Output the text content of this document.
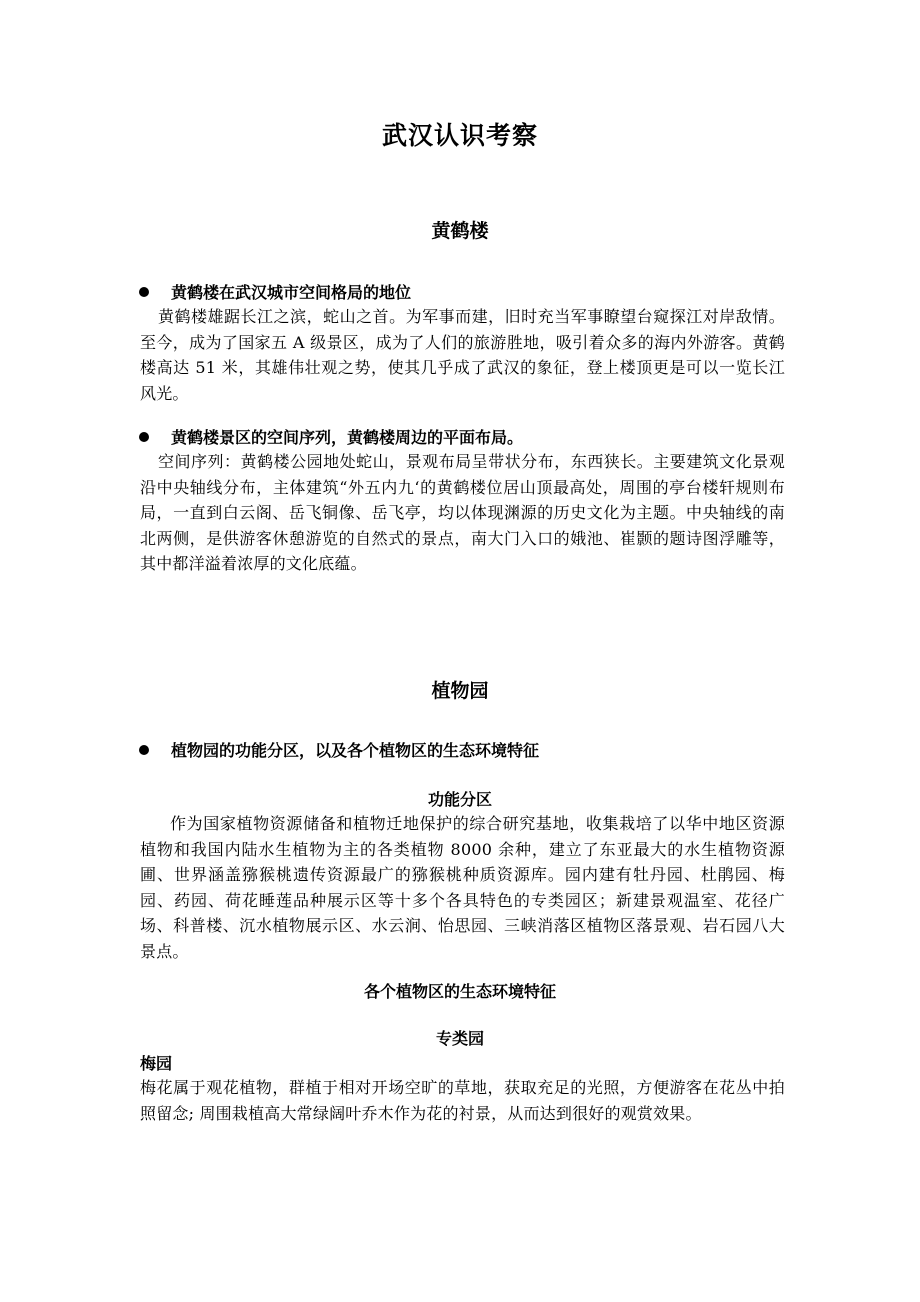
武汉认识考察
黄鹤楼
黄鹤楼在武汉城市空间格局的地位
黄鹤楼雄踞长江之滨，蛇山之首。为军事而建，旧时充当军事瞭望台窥探江对岸敌情。至今，成为了国家五 A 级景区，成为了人们的旅游胜地，吸引着众多的海内外游客。黄鹤楼高达 51 米，其雄伟壮观之势，使其几乎成了武汉的象征，登上楼顶更是可以一览长江风光。
黄鹤楼景区的空间序列，黄鹤楼周边的平面布局。
空间序列：黄鹤楼公园地处蛇山，景观布局呈带状分布，东西狭长。主要建筑文化景观沿中央轴线分布，主体建筑“外五内九‘的黄鹤楼位居山顶最高处，周围的亭台楼轩规则布局，一直到白云阁、岳飞铜像、岳飞亭，均以体现渊源的历史文化为主题。中央轴线的南北两侧，是供游客休憩游览的自然式的景点，南大门入口的娥池、崔颢的题诗图浮雕等，其中都洋溢着浓厚的文化底蕴。
植物园
植物园的功能分区，以及各个植物区的生态环境特征
功能分区
作为国家植物资源储备和植物迁地保护的综合研究基地，收集栽培了以华中地区资源植物和我国内陆水生植物为主的各类植物 8000 余种，建立了东亚最大的水生植物资源圃、世界涵盖猕猴桃遗传资源最广的猕猴桃种质资源库。园内建有牡丹园、杜鹃园、梅园、药园、荷花睡莲品种展示区等十多个各具特色的专类园区；新建景观温室、花径广场、科普楼、沉水植物展示区、水云涧、怡思园、三峡消落区植物区落景观、岩石园八大景点。
各个植物区的生态环境特征
专类园
梅园
梅花属于观花植物，群植于相对开场空旷的草地，获取充足的光照，方便游客在花丛中拍照留念; 周围栽植高大常绿阔叶乔木作为花的衬景，从而达到很好的观赏效果。
